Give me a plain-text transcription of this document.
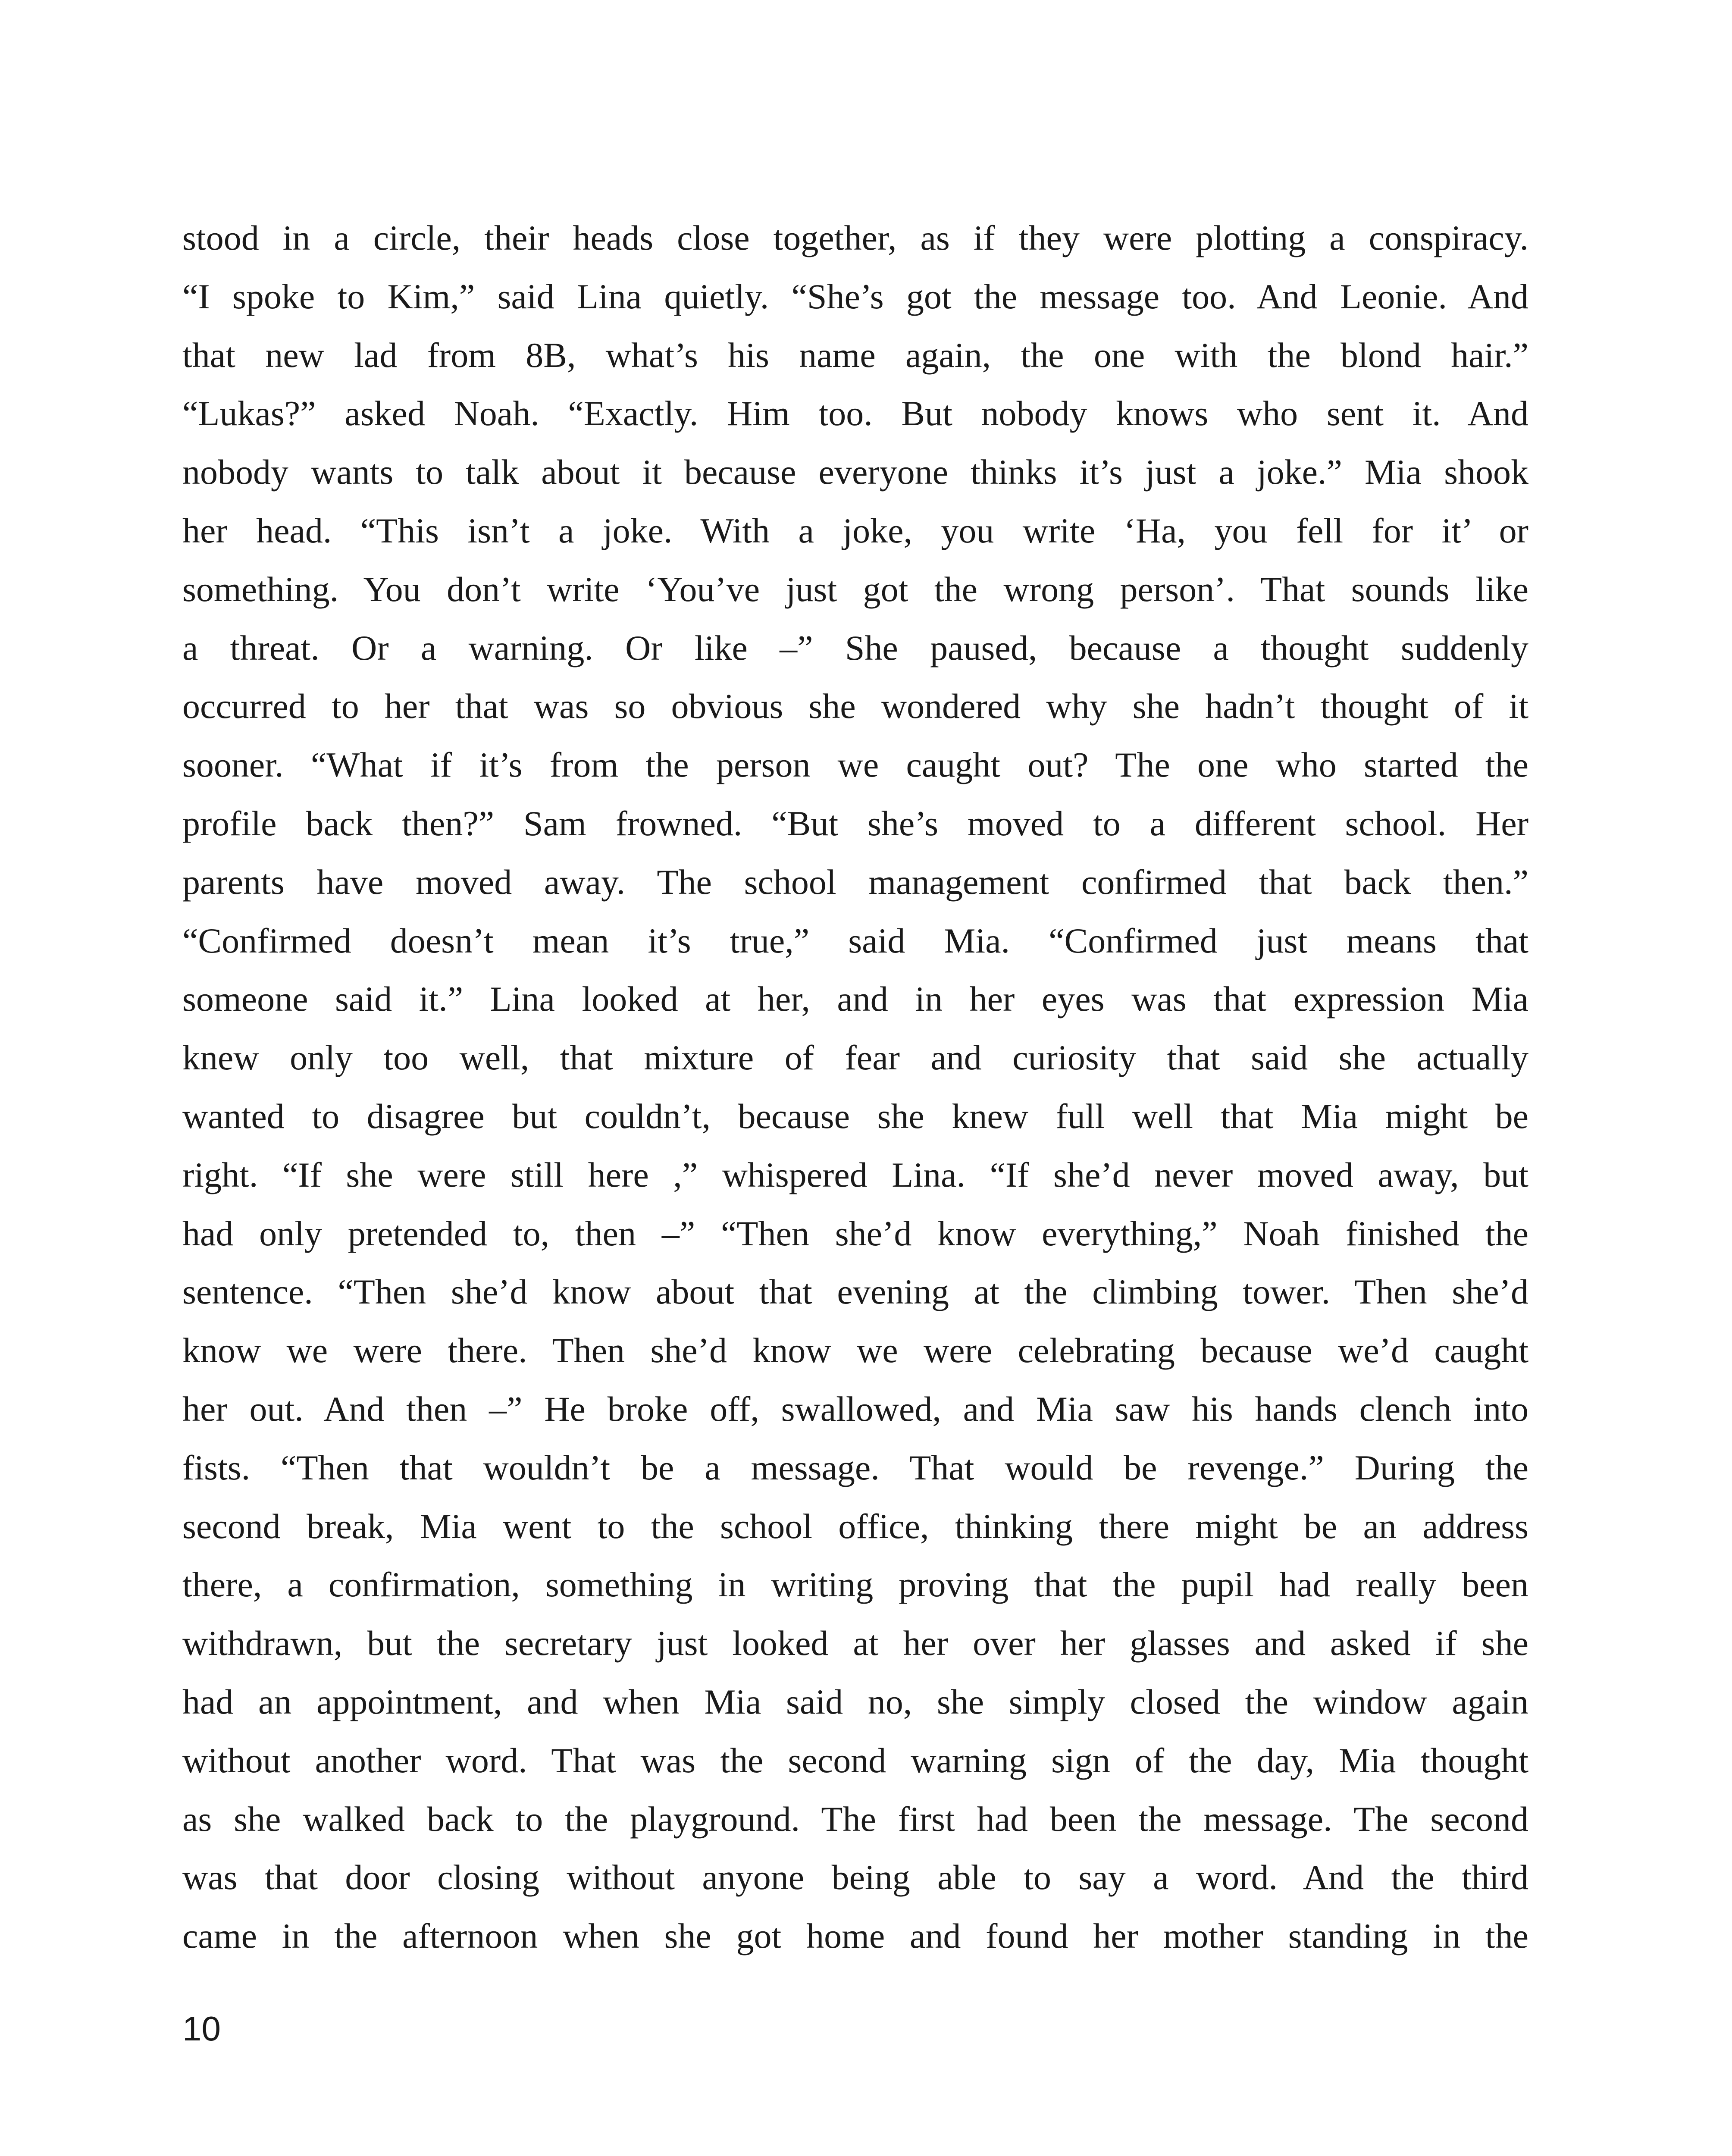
stood in a circle, their heads close together, as if they were plotting a conspiracy.
“I spoke to Kim,” said Lina quietly. “She’s got the message too. And Leonie. And
that new lad from 8B, what’s his name again, the one with the blond hair.”
“Lukas?” asked Noah. “Exactly. Him too. But nobody knows who sent it. And
nobody wants to talk about it because everyone thinks it’s just a joke.” Mia shook
her head. “This isn’t a joke. With a joke, you write ‘Ha, you fell for it’ or
something. You don’t write ‘You’ve just got the wrong person’. That sounds like
a threat. Or a warning. Or like –” She paused, because a thought suddenly
occurred to her that was so obvious she wondered why she hadn’t thought of it
sooner. “What if it’s from the person we caught out? The one who started the
profile back then?” Sam frowned. “But she’s moved to a different school. Her
parents have moved away. The school management confirmed that back then.”
“Confirmed doesn’t mean it’s true,” said Mia. “Confirmed just means that
someone said it.” Lina looked at her, and in her eyes was that expression Mia
knew only too well, that mixture of fear and curiosity that said she actually
wanted to disagree but couldn’t, because she knew full well that Mia might be
right. “If she were still here ,” whispered Lina. “If she’d never moved away, but
had only pretended to, then –” “Then she’d know everything,” Noah finished the
sentence. “Then she’d know about that evening at the climbing tower. Then she’d
know we were there. Then she’d know we were celebrating because we’d caught
her out. And then –” He broke off, swallowed, and Mia saw his hands clench into
fists. “Then that wouldn’t be a message. That would be revenge.” During the
second break, Mia went to the school office, thinking there might be an address
there, a confirmation, something in writing proving that the pupil had really been
withdrawn, but the secretary just looked at her over her glasses and asked if she
had an appointment, and when Mia said no, she simply closed the window again
without another word. That was the second warning sign of the day, Mia thought
as she walked back to the playground. The first had been the message. The second
was that door closing without anyone being able to say a word. And the third
came in the afternoon when she got home and found her mother standing in the
10
